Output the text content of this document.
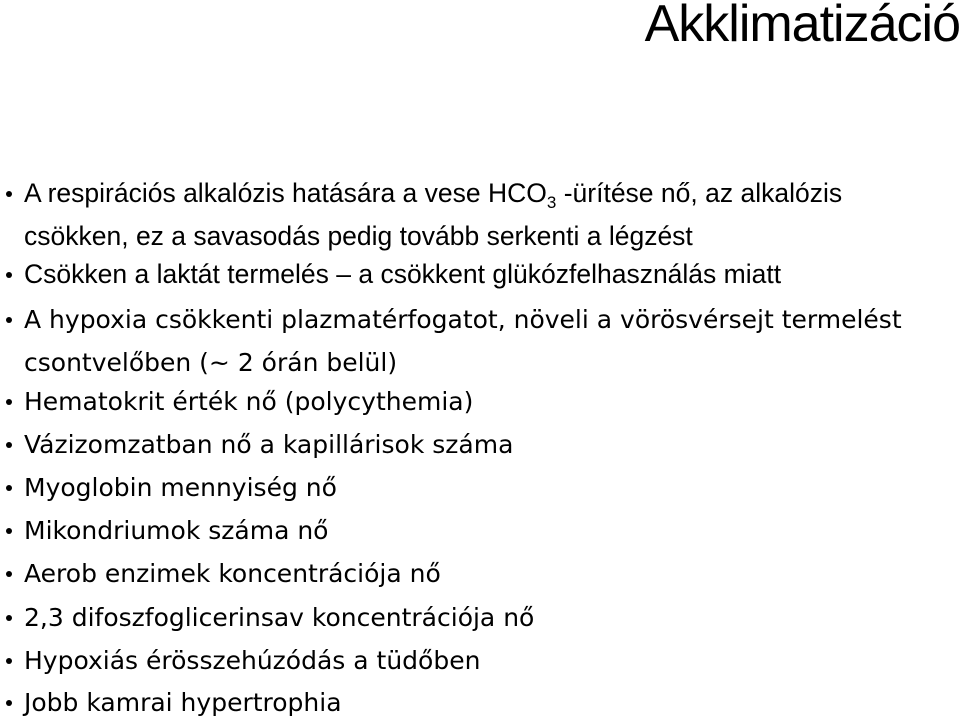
Akklimatizáció
A respirációs alkalózis hatására a vese $HCO_3$ -ürítése nő, az alkalózis
csökken, ez a savasodás pedig tovább serkenti a légzést
Csökken a laktát termelés – a csökkent glükózfelhasználás miatt
A hypoxia csökkenti plazmatérfogatot, növeli a vörösvérsejt termelést
csontvelőben (~ 2 órán belül)
Hematokrit érték nő (polycythemia)
Vázizomzatban nő a kapillárisok száma
Myoglobin mennyiség nő
Mikondriumok száma nő
Aerob enzimek koncentrációja nő
2,3 difoszfoglicerinsav koncentrációja nő
Hypoxiás érösszehúzódás a tüdőben
Jobb kamrai hypertrophia
